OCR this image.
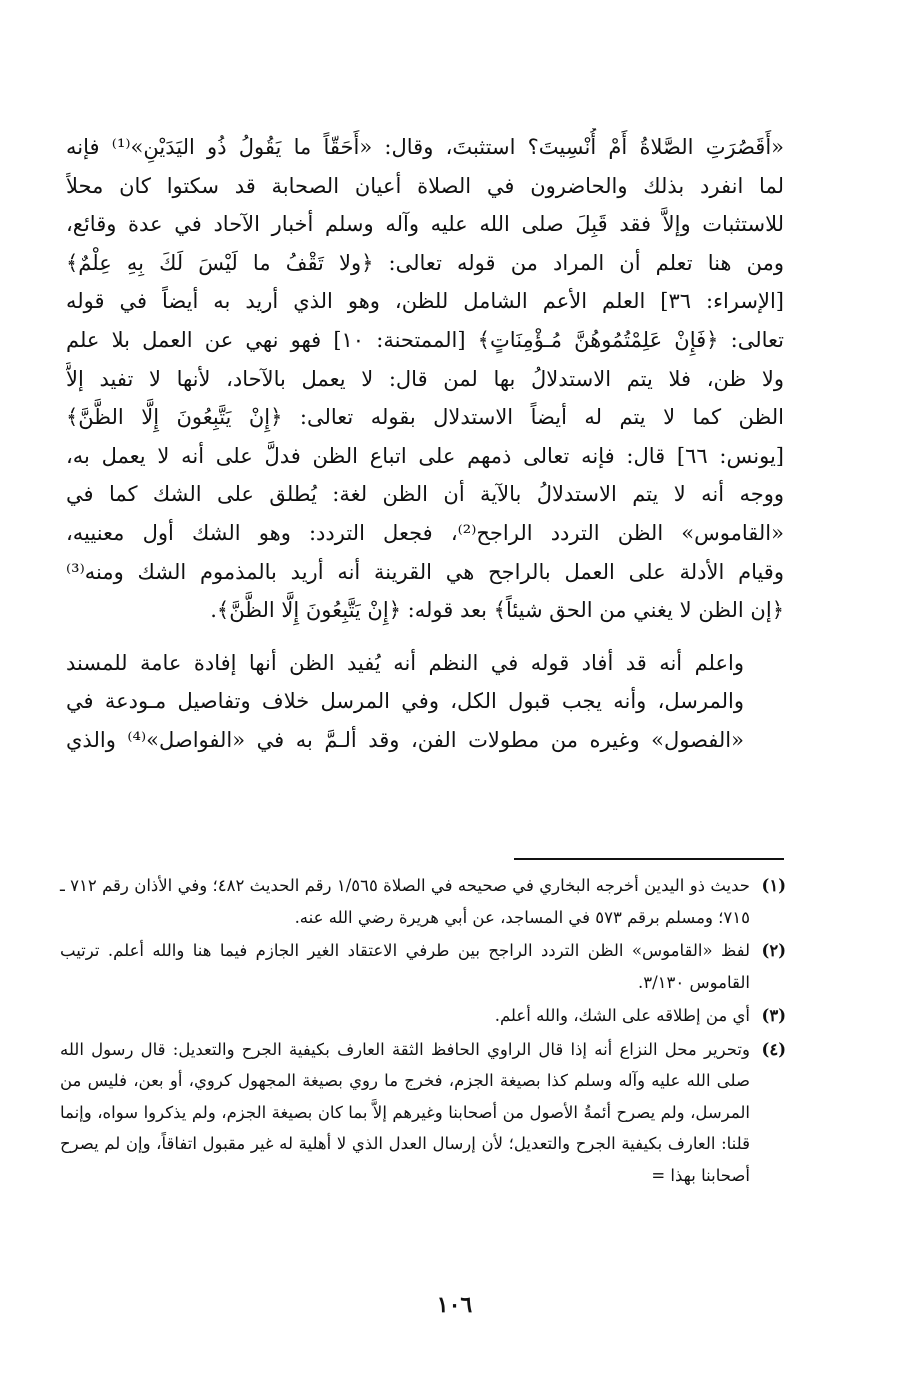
«أَقَصُرَتِ الصَّلاةُ أَمْ أُنْسِيتَ؟ استثبتَ، وقال: «أَحَقّاً ما يَقُولُ ذُو اليَدَيْنِ»⁽¹⁾ فإنه
لما انفرد بذلك والحاضرون في الصلاة أعيان الصحابة قد سكتوا كان محلاً
للاستثبات وإلاَّ فقد قَبِلَ صلى الله عليه وآله وسلم أخبار الآحاد في عدة وقائع،
ومن هنا تعلم أن المراد من قوله تعالى: ﴿ولا تَقْفُ ما لَيْسَ لَكَ بِهِ عِلْمٌ﴾
[الإسراء: ٣٦] العلم الأعم الشامل للظن، وهو الذي أريد به أيضاً في قوله
تعالى: ﴿فَإِنْ عَلِمْتُمُوهُنَّ مُـؤْمِنَاتٍ﴾ [الممتحنة: ١٠] فهو نهي عن العمل بلا علم
ولا ظن، فلا يتم الاستدلالُ بها لمن قال: لا يعمل بالآحاد، لأنها لا تفيد إلاَّ
الظن كما لا يتم له أيضاً الاستدلال بقوله تعالى: ﴿إِنْ يَتَّبِعُونَ إِلَّا الظَّنَّ﴾
[يونس: ٦٦] قال: فإنه تعالى ذمهم على اتباع الظن فدلَّ على أنه لا يعمل به،
ووجه أنه لا يتم الاستدلالُ بالآية أن الظن لغة: يُطلق على الشك كما في
«القاموس» الظن التردد الراجح⁽²⁾، فجعل التردد: وهو الشك أول معنييه،
وقيام الأدلة على العمل بالراجح هي القرينة أنه أريد بالمذموم الشك ومنه⁽³⁾
﴿إن الظن لا يغني من الحق شيئاً﴾ بعد قوله: ﴿إِنْ يَتَّبِعُونَ إِلَّا الظَّنَّ﴾.

واعلم أنه قد أفاد قوله في النظم أنه يُفيد الظن أنها إفادة عامة للمسند
والمرسل، وأنه يجب قبول الكل، وفي المرسل خلاف وتفاصيل مـودعة في
«الفصول» وغيره من مطولات الفن، وقد ألـمَّ به في «الفواصل»⁽⁴⁾ والذي

(١)
حديث ذو اليدين أخرجه البخاري في صحيحه في الصلاة ١/٥٦٥ رقم الحديث ٤٨٢؛ وفي الأذان رقم ٧١٢ ـ ٧١٥؛ ومسلم برقم ٥٧٣ في المساجد، عن أبي هريرة رضي الله عنه.
(٢)
لفظ «القاموس» الظن التردد الراجح بين طرفي الاعتقاد الغير الجازم فيما هنا والله أعلم. ترتيب القاموس ٣/١٣٠.
(٣)
أي من إطلاقه على الشك، والله أعلم.
(٤)
وتحرير محل النزاع أنه إذا قال الراوي الحافظ الثقة العارف بكيفية الجرح والتعديل: قال رسول الله صلى الله عليه وآله وسلم كذا بصيغة الجزم، فخرج ما روي بصيغة المجهول كروي، أو بعن، فليس من المرسل، ولم يصرح أئمةُ الأصول من أصحابنا وغيرهم إلاَّ بما كان بصيغة الجزم، ولم يذكروا سواه، وإنما قلنا: العارف بكيفية الجرح والتعديل؛ لأن إرسال العدل الذي لا أهلية له غير مقبول اتفاقاً، وإن لم يصرح أصحابنا بهذا =
١٠٦
